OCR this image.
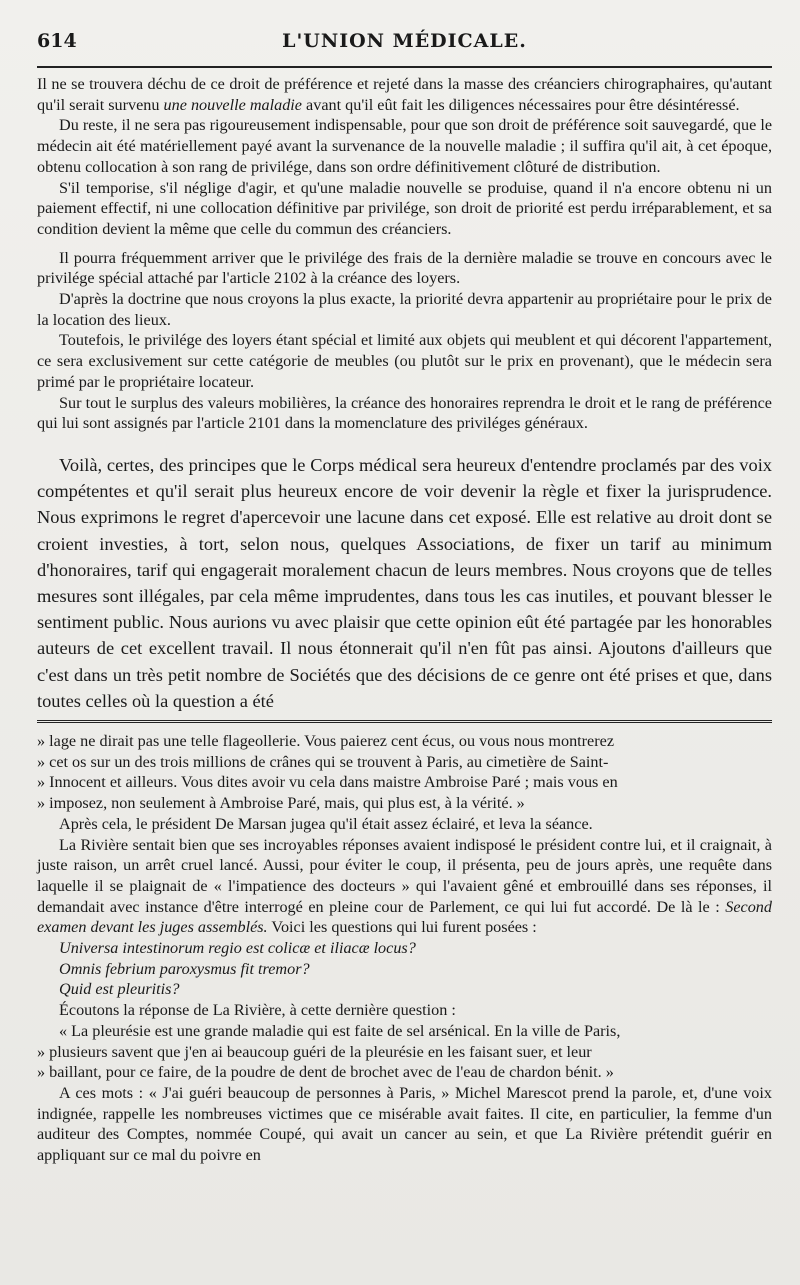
614	L'UNION MÉDICALE.

Il ne se trouvera déchu de ce droit de préférence et rejeté dans la masse des créanciers chirographaires, qu'autant qu'il serait survenu une nouvelle maladie avant qu'il eût fait les diligences nécessaires pour être désintéressé.

Du reste, il ne sera pas rigoureusement indispensable, pour que son droit de préférence soit sauvegardé, que le médecin ait été matériellement payé avant la survenance de la nouvelle maladie ; il suffira qu'il ait, à cet époque, obtenu collocation à son rang de privilége, dans son ordre définitivement clôturé de distribution.

S'il temporise, s'il néglige d'agir, et qu'une maladie nouvelle se produise, quand il n'a encore obtenu ni un paiement effectif, ni une collocation définitive par privilége, son droit de priorité est perdu irréparablement, et sa condition devient la même que celle du commun des créanciers.

Il pourra fréquemment arriver que le privilége des frais de la dernière maladie se trouve en concours avec le privilége spécial attaché par l'article 2102 à la créance des loyers.

D'après la doctrine que nous croyons la plus exacte, la priorité devra appartenir au propriétaire pour le prix de la location des lieux.

Toutefois, le privilége des loyers étant spécial et limité aux objets qui meublent et qui décorent l'appartement, ce sera exclusivement sur cette catégorie de meubles (ou plutôt sur le prix en provenant), que le médecin sera primé par le propriétaire locateur.

Sur tout le surplus des valeurs mobilières, la créance des honoraires reprendra le droit et le rang de préférence qui lui sont assignés par l'article 2101 dans la momenclature des priviléges généraux.

Voilà, certes, des principes que le Corps médical sera heureux d'entendre proclamés par des voix compétentes et qu'il serait plus heureux encore de voir devenir la règle et fixer la jurisprudence. Nous exprimons le regret d'apercevoir une lacune dans cet exposé. Elle est relative au droit dont se croient investies, à tort, selon nous, quelques Associations, de fixer un tarif au minimum d'honoraires, tarif qui engagerait moralement chacun de leurs membres. Nous croyons que de telles mesures sont illégales, par cela même imprudentes, dans tous les cas inutiles, et pouvant blesser le sentiment public. Nous aurions vu avec plaisir que cette opinion eût été partagée par les honorables auteurs de cet excellent travail. Il nous étonnerait qu'il n'en fût pas ainsi. Ajoutons d'ailleurs que c'est dans un très petit nombre de Sociétés que des décisions de ce genre ont été prises et que, dans toutes celles où la question a été

» lage ne dirait pas une telle flageollerie. Vous paierez cent écus, ou vous nous montrerez
» cet os sur un des trois millions de crânes qui se trouvent à Paris, au cimetière de Saint-
» Innocent et ailleurs. Vous dites avoir vu cela dans maistre Ambroise Paré ; mais vous en
» imposez, non seulement à Ambroise Paré, mais, qui plus est, à la vérité. »

Après cela, le président De Marsan jugea qu'il était assez éclairé, et leva la séance.

La Rivière sentait bien que ses incroyables réponses avaient indisposé le président contre lui, et il craignait, à juste raison, un arrêt cruel lancé. Aussi, pour éviter le coup, il présenta, peu de jours après, une requête dans laquelle il se plaignait de « l'impatience des docteurs » qui l'avaient gêné et embrouillé dans ses réponses, il demandait avec instance d'être interrogé en pleine cour de Parlement, ce qui lui fut accordé. De là le : Second examen devant les juges assemblés. Voici les questions qui lui furent posées :

Universa intestinorum regio est colicæ et iliacæ locus?

Omnis febrium paroxysmus fit tremor?

Quid est pleuritis?

Écoutons la réponse de La Rivière, à cette dernière question :

« La pleurésie est une grande maladie qui est faite de sel arsénical. En la ville de Paris,
» plusieurs savent que j'en ai beaucoup guéri de la pleurésie en les faisant suer, et leur
» baillant, pour ce faire, de la poudre de dent de brochet avec de l'eau de chardon bénit. »

A ces mots : « J'ai guéri beaucoup de personnes à Paris, » Michel Marescot prend la parole, et, d'une voix indignée, rappelle les nombreuses victimes que ce misérable avait faites. Il cite, en particulier, la femme d'un auditeur des Comptes, nommée Coupé, qui avait un cancer au sein, et que La Rivière prétendit guérir en appliquant sur ce mal du poivre en
